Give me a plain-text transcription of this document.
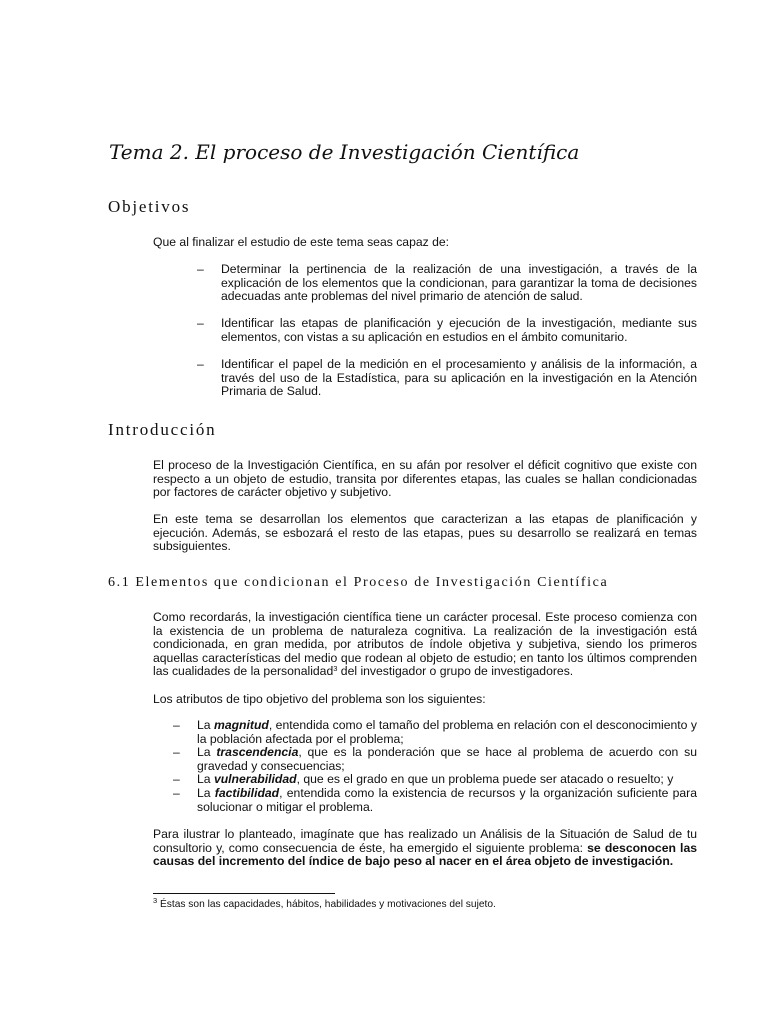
Tema 2. El proceso de Investigación Científica
Objetivos

Que al finalizar el estudio de este tema seas capaz de:

– Determinar la pertinencia de la realización de una investigación, a través de la explicación de los elementos que la condicionan, para garantizar la toma de decisiones adecuadas ante problemas del nivel primario de atención de salud.
– Identificar las etapas de planificación y ejecución de la investigación, mediante sus elementos, con vistas a su aplicación en estudios en el ámbito comunitario.
– Identificar el papel de la medición en el procesamiento y análisis de la información, a través del uso de la Estadística, para su aplicación en la investigación en la Atención Primaria de Salud.
Introducción

El proceso de la Investigación Científica, en su afán por resolver el déficit cognitivo que existe con respecto a un objeto de estudio, transita por diferentes etapas, las cuales se hallan condicionadas por factores de carácter objetivo y subjetivo.

En este tema se desarrollan los elementos que caracterizan a las etapas de planificación y ejecución. Además, se esbozará el resto de las etapas, pues su desarrollo se realizará en temas subsiguientes.

6.1 Elementos que condicionan el Proceso de Investigación Científica

Como recordarás, la investigación científica tiene un carácter procesal. Este proceso comienza con la existencia de un problema de naturaleza cognitiva. La realización de la investigación está condicionada, en gran medida, por atributos de índole objetiva y subjetiva, siendo los primeros aquellas características del medio que rodean al objeto de estudio; en tanto los últimos comprenden las cualidades de la personalidad$^3$ del investigador o grupo de investigadores.

Los atributos de tipo objetivo del problema son los siguientes:

– La magnitud, entendida como el tamaño del problema en relación con el desconocimiento y la población afectada por el problema;
– La trascendencia, que es la ponderación que se hace al problema de acuerdo con su gravedad y consecuencias;
– La vulnerabilidad, que es el grado en que un problema puede ser atacado o resuelto; y
– La factibilidad, entendida como la existencia de recursos y la organización suficiente para solucionar o mitigar el problema.

Para ilustrar lo planteado, imagínate que has realizado un Análisis de la Situación de Salud de tu consultorio y, como consecuencia de éste, ha emergido el siguiente problema: se desconocen las causas del incremento del índice de bajo peso al nacer en el área objeto de investigación.

$^3$ Éstas son las capacidades, hábitos, habilidades y motivaciones del sujeto.
